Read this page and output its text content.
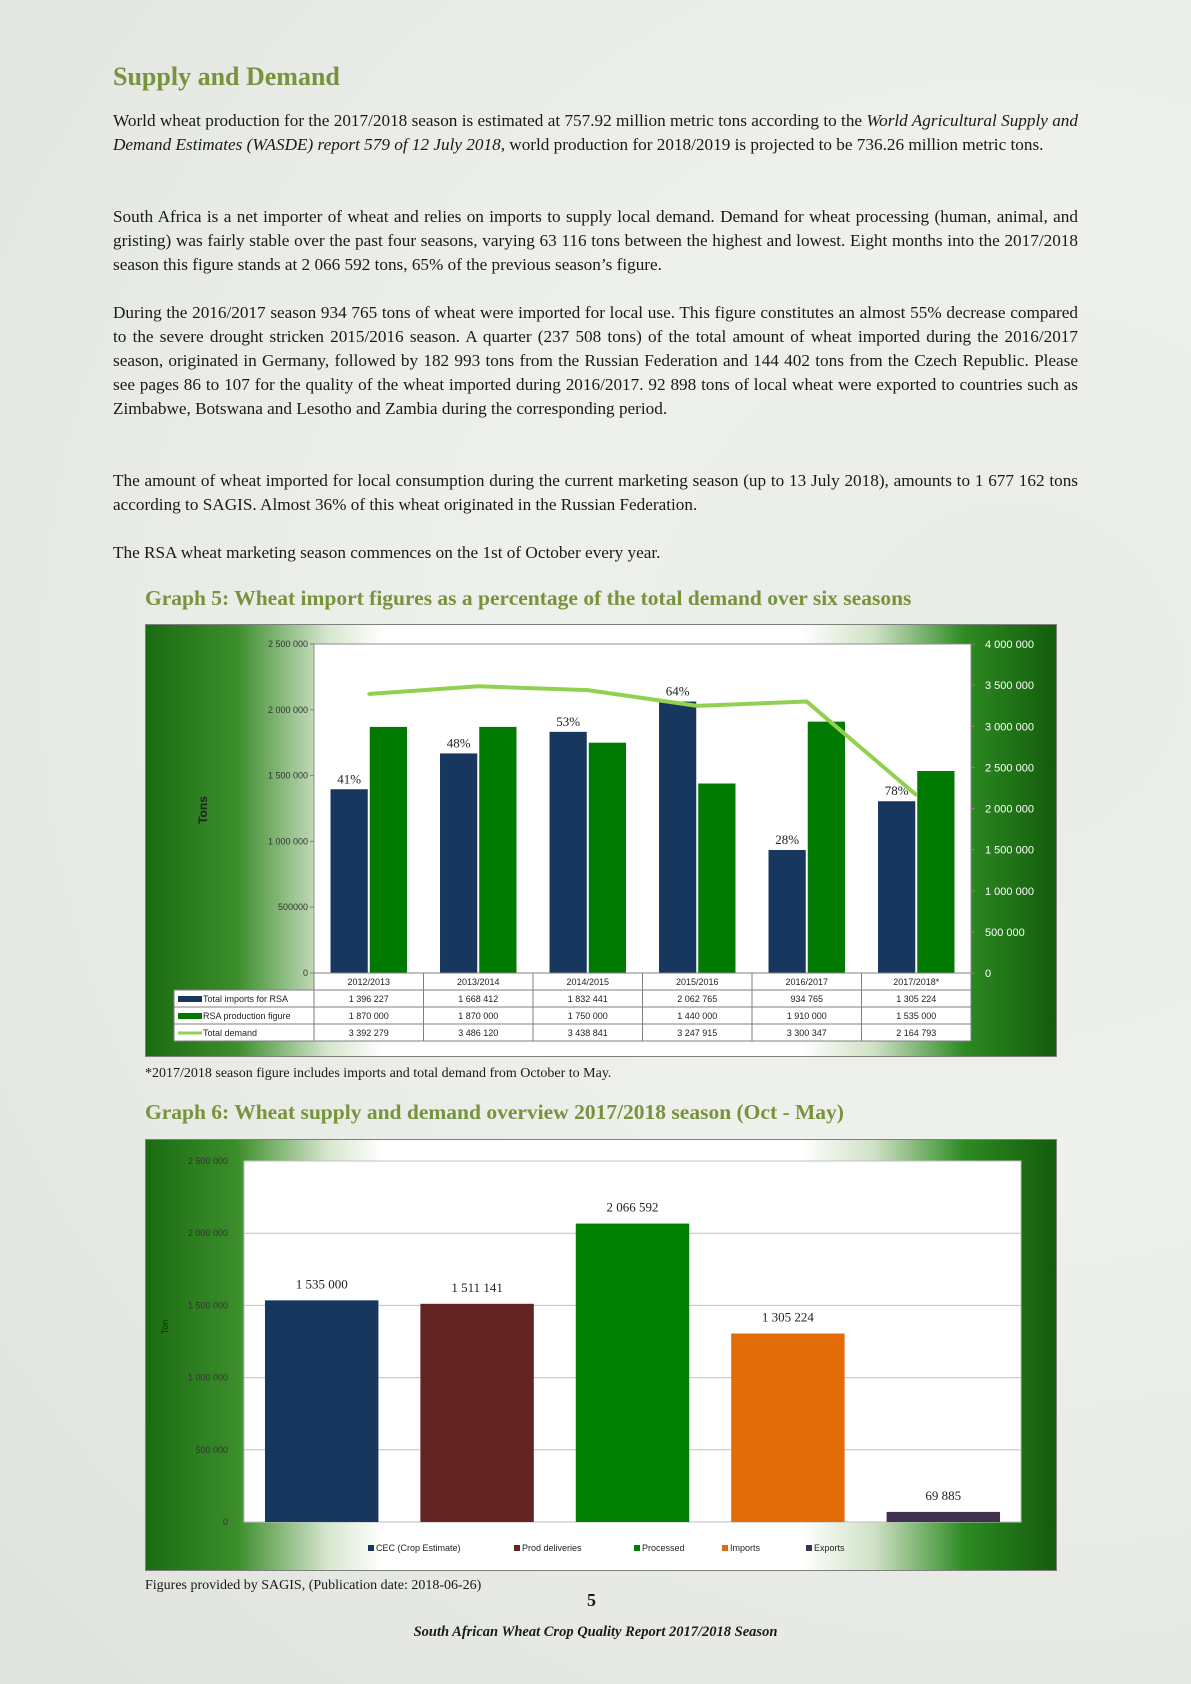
Supply and Demand

World wheat production for the 2017/2018 season is estimated at 757.92 million metric tons according to the World Agricultural Supply and Demand Estimates (WASDE) report 579 of 12 July 2018, world production for 2018/2019 is projected to be 736.26 million metric tons.

South Africa is a net importer of wheat and relies on imports to supply local demand. Demand for wheat processing (human, animal, and gristing) was fairly stable over the past four seasons, varying 63 116 tons between the highest and lowest. Eight months into the 2017/2018 season this figure stands at 2 066 592 tons, 65% of the previous season’s figure.

During the 2016/2017 season 934 765 tons of wheat were imported for local use. This figure constitutes an almost 55% decrease compared to the severe drought stricken 2015/2016 season. A quarter (237 508 tons) of the total amount of wheat imported during the 2016/2017 season, originated in Germany, followed by 182 993 tons from the Russian Federation and 144 402 tons from the Czech Republic. Please see pages 86 to 107 for the quality of the wheat imported during 2016/2017. 92 898 tons of local wheat were exported to countries such as Zimbabwe, Botswana and Lesotho and Zambia during the corresponding period.

The amount of wheat imported for local consumption during the current marketing season (up to 13 July 2018), amounts to 1 677 162 tons according to SAGIS. Almost 36% of this wheat originated in the Russian Federation.

The RSA wheat marketing season commences on the 1st of October every year.

Graph 5: Wheat import figures as a percentage of the total demand over six seasons
0
500000
1 000 000
1 500 000
2 000 000
2 500 000
0
500 000
1 000 000
1 500 000
2 000 000
2 500 000
3 000 000
3 500 000
4 000 000
Tons
41%
48%
53%
64%
28%
78%
2012/2013	2013/2014	2014/2015	2015/2016	2016/2017	2017/2018*
Total imports for RSA	1 396 227	1 668 412	1 832 441	2 062 765	934 765	1 305 224
RSA production figure	1 870 000	1 870 000	1 750 000	1 440 000	1 910 000	1 535 000
Total demand	3 392 279	3 486 120	3 438 841	3 247 915	3 300 347	2 164 793

*2017/2018 season figure includes imports and total demand from October to May.

Graph 6: Wheat supply and demand overview 2017/2018 season (Oct - May)
0
500 000
1 000 000
1 500 000
2 000 000
2 500 000
Ton
1 535 000	1 511 141
2 066 592
1 305 224
69 885
CEC (Crop Estimate)	Prod deliveries	Processed	Imports	Exports

Figures provided by SAGIS, (Publication date: 2018-06-26)

5
South African Wheat Crop Quality Report 2017/2018 Season
